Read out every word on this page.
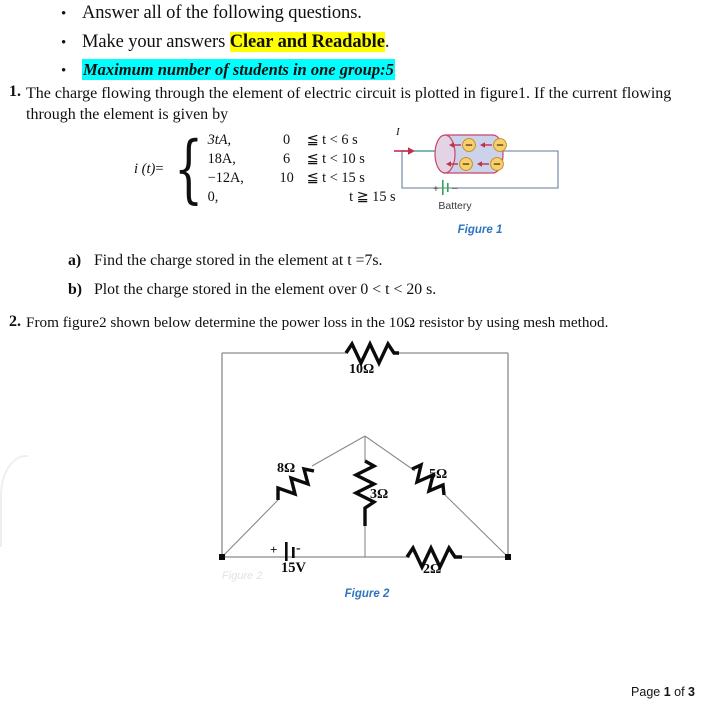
• Answer all of the following questions.
• Make your answers Clear and Readable.
•	Maximum number of students in one group:5
1. The charge flowing through the element of electric circuit is plotted in figure1. If the current flowing through the element is given by
i (t)= { 3tA,	0	≦ t < 6 s
18A,	6	≦ t < 10 s
−12A,	10	≦ t < 15 s
0,		t ≧ 15 s
I
+ –
Battery
Figure 1
a) Find the charge stored in the element at t =7s.
b) Plot the charge stored in the element over 0 < t < 20 s.
2. From figure2 shown below determine the power loss in the 10Ω resistor by using mesh method.
10Ω
8Ω
3Ω
5Ω
2Ω
15V
+ -
Figure 2
Figure 2
Page 1 of 3
